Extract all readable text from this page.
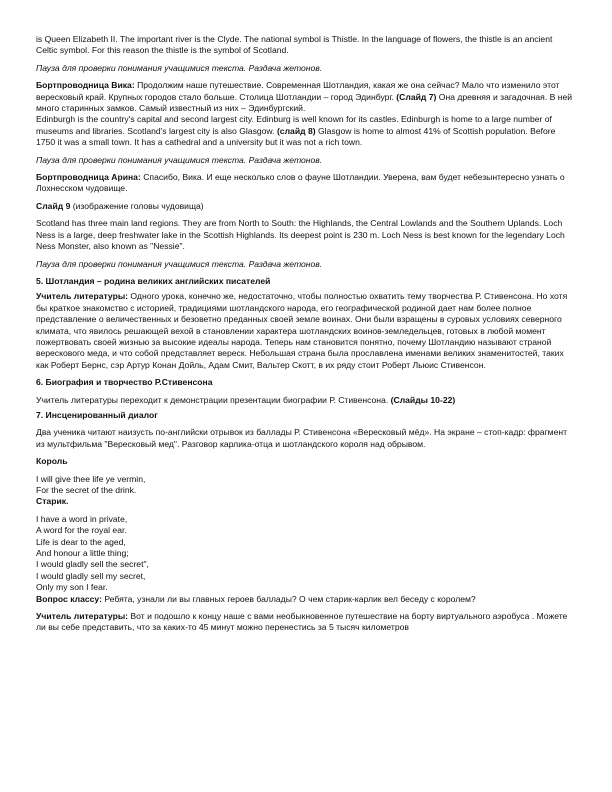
is Queen Elizabeth II. The important river is the Clyde. The national symbol is Thistle. In the language of flowers, the thistle is an ancient Celtic symbol. For this reason the thistle is the symbol of Scotland.

Пауза для проверки понимания учащимися текста. Раздача жетонов.

Бортпроводница Вика: Продолжим наше путешествие. Современная Шотландия, какая же она сейчас? Мало что изменило этот вересковый край. Крупных городов стало больше. Столица Шотландии – город Эдинбург. (Слайд 7) Она древняя и загадочная. В ней много старинных замков. Самый известный из них – Эдинбургский.

Edinburgh is the country's capital and second largest city. Edinburg is well known for its castles. Edinburgh is home to a large number of museums and libraries. Scotland's largest city is also Glasgow. (слайд 8) Glasgow is home to almost 41% of Scottish population. Before 1750 it was a small town. It has a cathedral and a university but it was not a rich town.

Пауза для проверки понимания учащимися текста. Раздача жетонов.

Бортпроводница Арина: Спасибо, Вика. И еще несколько слов о фауне Шотландии. Уверена, вам будет небезынтересно узнать о Лохнесском чудовище.

Слайд 9 (изображение головы чудовища)

Scotland has three main land regions. They are from North to South: the Highlands, the Central Lowlands and the Southern Uplands. Loch Ness is a large, deep freshwater lake in the Scottish Highlands. Its deepest point is 230 m. Loch Ness is best known for the legendary Loch Ness Monster, also known as "Nessie".

Пауза для проверки понимания учащимися текста. Раздача жетонов.

5. Шотландия – родина великих английских писателей

Учитель литературы: Одного урока, конечно же, недостаточно, чтобы полностью охватить тему творчества Р. Стивенсона. Но хотя бы краткое знакомство с историей, традициями шотландского народа, его географической родиной дает нам более полное представление о величественных и безоветно преданных своей земле воинах. Они были взращены в суровых условиях северного климата, что явилось решающей вехой в становлении характера шотландских воинов-земледельцев, готовых в любой момент пожертвовать своей жизнью за высокие идеалы народа. Теперь нам становится понятно, почему Шотландию называют страной верескового меда, и что собой представляет вереск. Небольшая страна была прославлена именами великих знаменитостей, таких как Роберт Бернс, сэр Артур Конан Дойль, Адам Смит, Вальтер Скотт, в их ряду стоит Роберт Льюис Стивенсон.

6. Биография и творчество Р.Стивенсона

Учитель литературы переходит к демонстрации презентации биографии Р. Стивенсона. (Слайды 10-22)

7. Инсценированный диалог

Два ученика читают наизусть по-английски отрывок из баллады Р. Стивенсона «Вересковый мёд». На экране – стоп-кадр: фрагмент из мультфильма "Вересковый мед". Разговор карлика-отца и шотландского короля над обрывом.

Король

I will give thee life ye vermin,
For the secret of the drink.

Старик.

I have a word in private,
A word for the royal ear.
Life is dear to the aged,
And honour a little thing;
I would gladly sell the secret",
I would gladly sell my secret,
Only my son I fear.

Вопрос классу: Ребята, узнали ли вы главных героев баллады? О чем старик-карлик вел беседу с королем?

Учитель литературы: Вот и подошло к концу наше с вами необыкновенное путешествие на борту виртуального аэробуса . Можете ли вы себе представить, что за каких-то 45 минут можно перенестись за 5 тысяч километров
